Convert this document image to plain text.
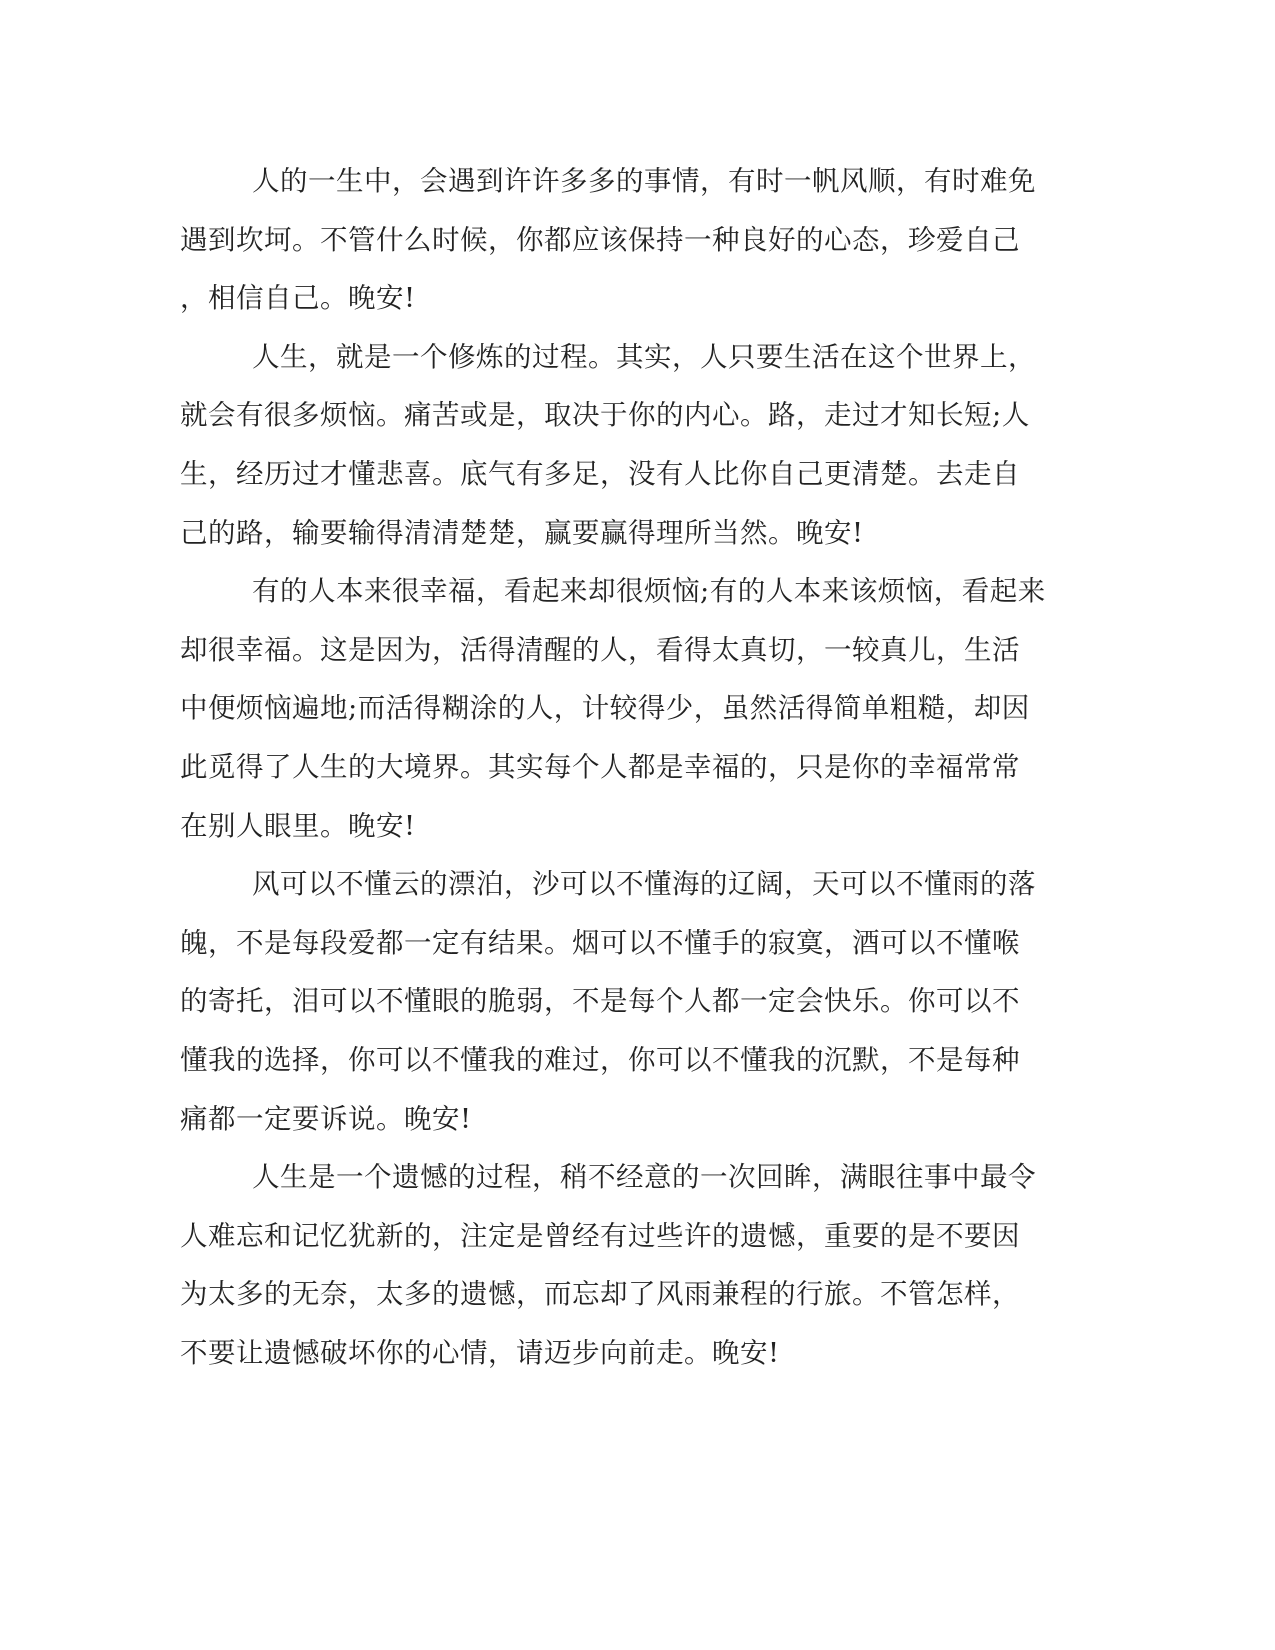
人的一生中，会遇到许许多多的事情，有时一帆风顺，有时难免
遇到坎坷。不管什么时候，你都应该保持一种良好的心态，珍爱自己
，相信自己。晚安!
人生，就是一个修炼的过程。其实，人只要生活在这个世界上，
就会有很多烦恼。痛苦或是，取决于你的内心。路，走过才知长短;人
生，经历过才懂悲喜。底气有多足，没有人比你自己更清楚。去走自
己的路，输要输得清清楚楚，赢要赢得理所当然。晚安!
有的人本来很幸福，看起来却很烦恼;有的人本来该烦恼，看起来
却很幸福。这是因为，活得清醒的人，看得太真切，一较真儿，生活
中便烦恼遍地;而活得糊涂的人，计较得少，虽然活得简单粗糙，却因
此觅得了人生的大境界。其实每个人都是幸福的，只是你的幸福常常
在别人眼里。晚安!
风可以不懂云的漂泊，沙可以不懂海的辽阔，天可以不懂雨的落
魄，不是每段爱都一定有结果。烟可以不懂手的寂寞，酒可以不懂喉
的寄托，泪可以不懂眼的脆弱，不是每个人都一定会快乐。你可以不
懂我的选择，你可以不懂我的难过，你可以不懂我的沉默，不是每种
痛都一定要诉说。晚安!
人生是一个遗憾的过程，稍不经意的一次回眸，满眼往事中最令
人难忘和记忆犹新的，注定是曾经有过些许的遗憾，重要的是不要因
为太多的无奈，太多的遗憾，而忘却了风雨兼程的行旅。不管怎样，
不要让遗憾破坏你的心情，请迈步向前走。晚安!
